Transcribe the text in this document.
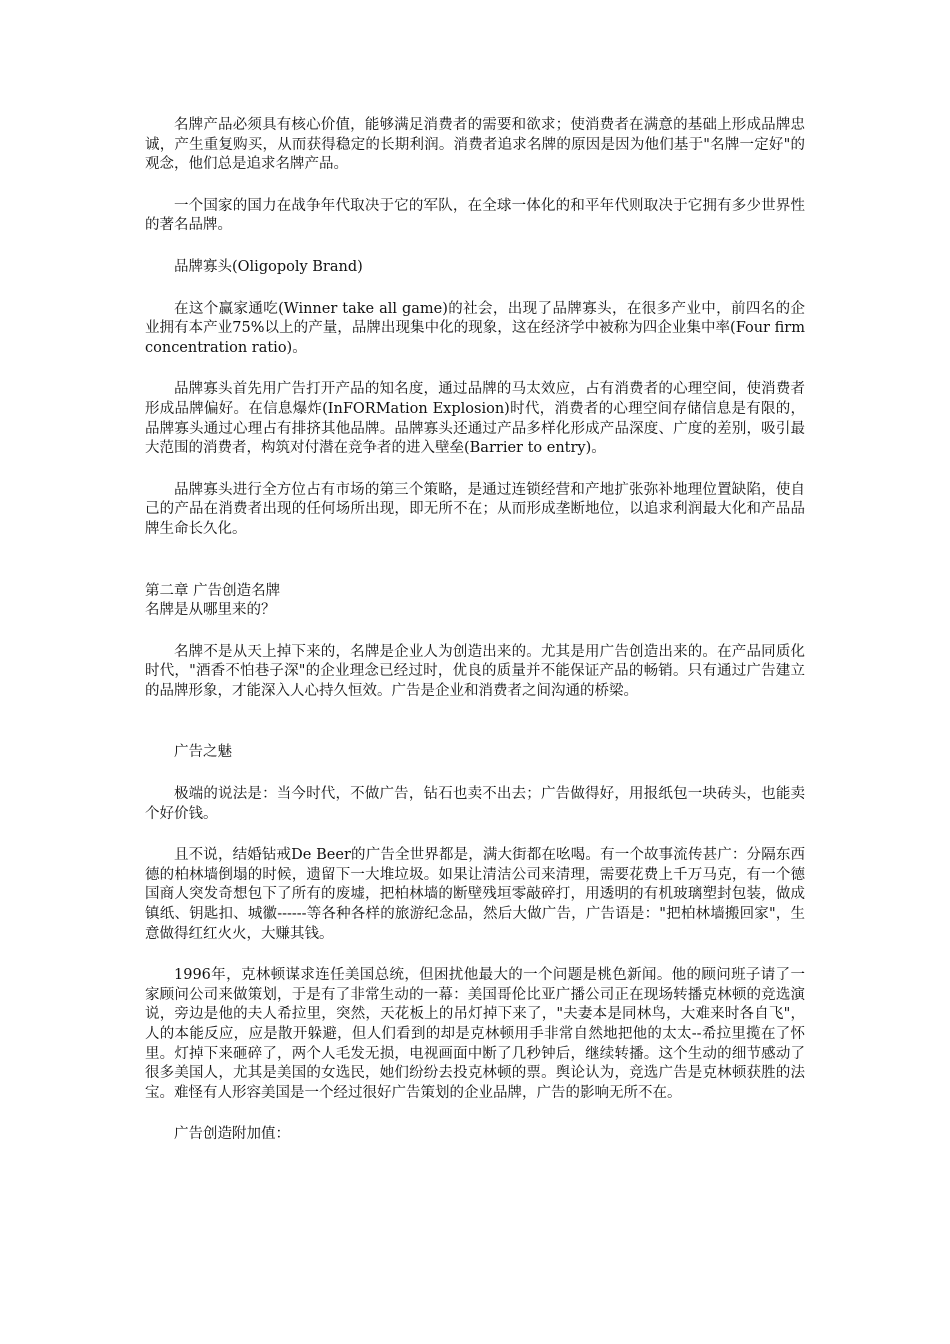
名牌产品必须具有核心价值，能够满足消费者的需要和欲求；使消费者在满意的基础上形成品牌忠诚，产生重复购买，从而获得稳定的长期利润。消费者追求名牌的原因是因为他们基于"名牌一定好"的观念，他们总是追求名牌产品。

一个国家的国力在战争年代取决于它的军队，在全球一体化的和平年代则取决于它拥有多少世界性的著名品牌。

品牌寡头(Oligopoly Brand)

在这个赢家通吃(Winner take all game)的社会，出现了品牌寡头，在很多产业中，前四名的企业拥有本产业75%以上的产量，品牌出现集中化的现象，这在经济学中被称为四企业集中率(Four firm concentration ratio)。

品牌寡头首先用广告打开产品的知名度，通过品牌的马太效应，占有消费者的心理空间，使消费者形成品牌偏好。在信息爆炸(InFORMation Explosion)时代，消费者的心理空间存储信息是有限的，品牌寡头通过心理占有排挤其他品牌。品牌寡头还通过产品多样化形成产品深度、广度的差别，吸引最大范围的消费者，构筑对付潜在竞争者的进入壁垒(Barrier to entry)。

品牌寡头进行全方位占有市场的第三个策略，是通过连锁经营和产地扩张弥补地理位置缺陷，使自己的产品在消费者出现的任何场所出现，即无所不在；从而形成垄断地位，以追求利润最大化和产品品牌生命长久化。

第二章 广告创造名牌

名牌是从哪里来的？

名牌不是从天上掉下来的，名牌是企业人为创造出来的。尤其是用广告创造出来的。在产品同质化时代，"酒香不怕巷子深"的企业理念已经过时，优良的质量并不能保证产品的畅销。只有通过广告建立的品牌形象，才能深入人心持久恒效。广告是企业和消费者之间沟通的桥梁。

广告之魅

极端的说法是：当今时代，不做广告，钻石也卖不出去；广告做得好，用报纸包一块砖头，也能卖个好价钱。

且不说，结婚钻戒De Beer的广告全世界都是，满大街都在吆喝。有一个故事流传甚广：分隔东西德的柏林墙倒塌的时候，遗留下一大堆垃圾。如果让清洁公司来清理，需要花费上千万马克，有一个德国商人突发奇想包下了所有的废墟，把柏林墙的断壁残垣零敲碎打，用透明的有机玻璃塑封包装，做成镇纸、钥匙扣、城徽------等各种各样的旅游纪念品，然后大做广告，广告语是："把柏林墙搬回家"，生意做得红红火火，大赚其钱。

1996年，克林顿谋求连任美国总统，但困扰他最大的一个问题是桃色新闻。他的顾问班子请了一家顾问公司来做策划，于是有了非常生动的一幕：美国哥伦比亚广播公司正在现场转播克林顿的竞选演说，旁边是他的夫人希拉里，突然，天花板上的吊灯掉下来了，"夫妻本是同林鸟，大难来时各自飞"，人的本能反应，应是散开躲避，但人们看到的却是克林顿用手非常自然地把他的太太--希拉里揽在了怀里。灯掉下来砸碎了，两个人毛发无损，电视画面中断了几秒钟后，继续转播。这个生动的细节感动了很多美国人，尤其是美国的女选民，她们纷纷去投克林顿的票。舆论认为，竞选广告是克林顿获胜的法宝。难怪有人形容美国是一个经过很好广告策划的企业品牌，广告的影响无所不在。

广告创造附加值：
